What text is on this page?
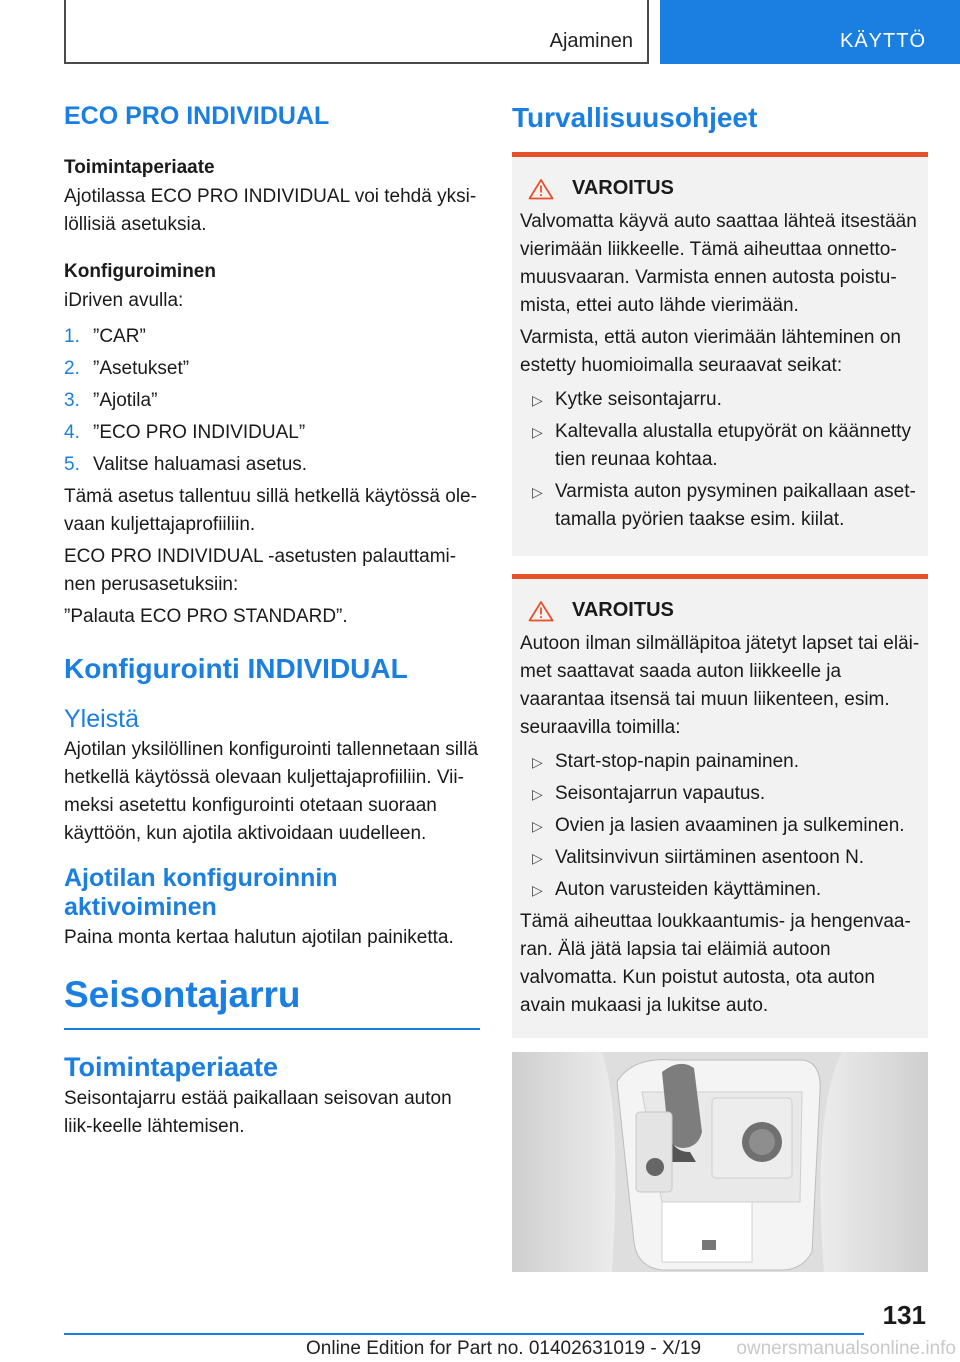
Ajaminen	KÄYTTÖ
ECO PRO INDIVIDUAL
Toimintaperiaate
Ajotilassa ECO PRO INDIVIDUAL voi tehdä yksi-löllisiä asetuksia.
Konfiguroiminen
iDriven avulla:
1. ”CAR”
2. ”Asetukset”
3. ”Ajotila”
4. ”ECO PRO INDIVIDUAL”
5. Valitse haluamasi asetus.
Tämä asetus tallentuu sillä hetkellä käytössä ole-vaan kuljettajaprofiiliin.
ECO PRO INDIVIDUAL -asetusten palauttami-nen perusasetuksiin:
”Palauta ECO PRO STANDARD”.
Konfigurointi INDIVIDUAL
Yleistä
Ajotilan yksilöllinen konfigurointi tallennetaan sillä hetkellä käytössä olevaan kuljettajaprofiiliin. Vii-meksi asetettu konfigurointi otetaan suoraan käyttöön, kun ajotila aktivoidaan uudelleen.
Ajotilan konfiguroinnin aktivoiminen
Paina monta kertaa halutun ajotilan painiketta.
Seisontajarru
Toimintaperiaate
Seisontajarru estää paikallaan seisovan auton liik-keelle lähtemisen.
Turvallisuusohjeet
VAROITUS
Valvomatta käyvä auto saattaa lähteä itsestään vierimään liikkeelle. Tämä aiheuttaa onnetto-muusvaaran. Varmista ennen autosta poistu-mista, ettei auto lähde vierimään.
Varmista, että auton vierimään lähteminen on estetty huomioimalla seuraavat seikat:
▷ Kytke seisontajarru.
▷ Kaltevalla alustalla etupyörät on käännetty tien reunaa kohtaa.
▷ Varmista auton pysyminen paikallaan aset-tamalla pyörien taakse esim. kiilat.
VAROITUS
Autoon ilman silmälläpitoa jätetyt lapset tai eläi-met saattavat saada auton liikkeelle ja vaarantaa itsensä tai muun liikenteen, esim. seuraavilla toimilla:
▷ Start-stop-napin painaminen.
▷ Seisontajarrun vapautus.
▷ Ovien ja lasien avaaminen ja sulkeminen.
▷ Valitsinvivun siirtäminen asentoon N.
▷ Auton varusteiden käyttäminen.
Tämä aiheuttaa loukkaantumis- ja hengenvaa-ran. Älä jätä lapsia tai eläimiä autoon valvomatta. Kun poistut autosta, ota auton avain mukaasi ja lukitse auto.
131
Online Edition for Part no. 01402631019 - X/19 ownersmanualsonline.info
